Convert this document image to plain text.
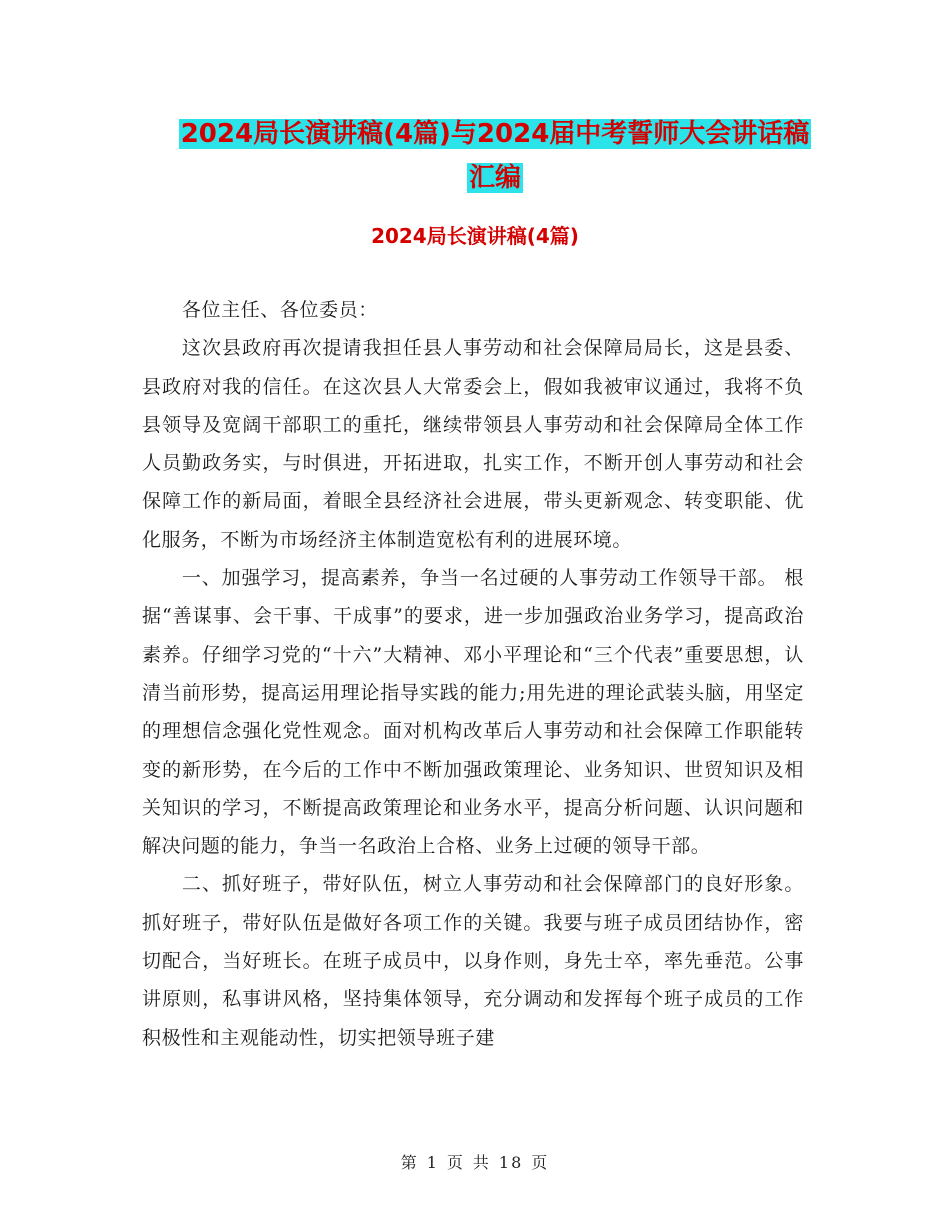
2024局长演讲稿(4篇)与2024届中考誓师大会讲话稿
汇编
2024局长演讲稿(4篇)

各位主任、各位委员：

这次县政府再次提请我担任县人事劳动和社会保障局局长，这是县委、县政府对我的信任。在这次县人大常委会上，假如我被审议通过，我将不负县领导及宽阔干部职工的重托，继续带领县人事劳动和社会保障局全体工作人员勤政务实，与时俱进，开拓进取，扎实工作，不断开创人事劳动和社会保障工作的新局面，着眼全县经济社会进展，带头更新观念、转变职能、优化服务，不断为市场经济主体制造宽松有利的进展环境。

一、加强学习，提高素养，争当一名过硬的人事劳动工作领导干部。 根据“善谋事、会干事、干成事”的要求，进一步加强政治业务学习，提高政治素养。仔细学习党的“十六”大精神、邓小平理论和“三个代表”重要思想，认清当前形势，提高运用理论指导实践的能力;用先进的理论武装头脑，用坚定的理想信念强化党性观念。面对机构改革后人事劳动和社会保障工作职能转变的新形势，在今后的工作中不断加强政策理论、业务知识、世贸知识及相关知识的学习，不断提高政策理论和业务水平，提高分析问题、认识问题和解决问题的能力，争当一名政治上合格、业务上过硬的领导干部。

二、抓好班子，带好队伍，树立人事劳动和社会保障部门的良好形象。 抓好班子，带好队伍是做好各项工作的关键。我要与班子成员团结协作，密切配合，当好班长。在班子成员中，以身作则，身先士卒，率先垂范。公事讲原则，私事讲风格，坚持集体领导，充分调动和发挥每个班子成员的工作积极性和主观能动性，切实把领导班子建

第 1 页 共 18 页
